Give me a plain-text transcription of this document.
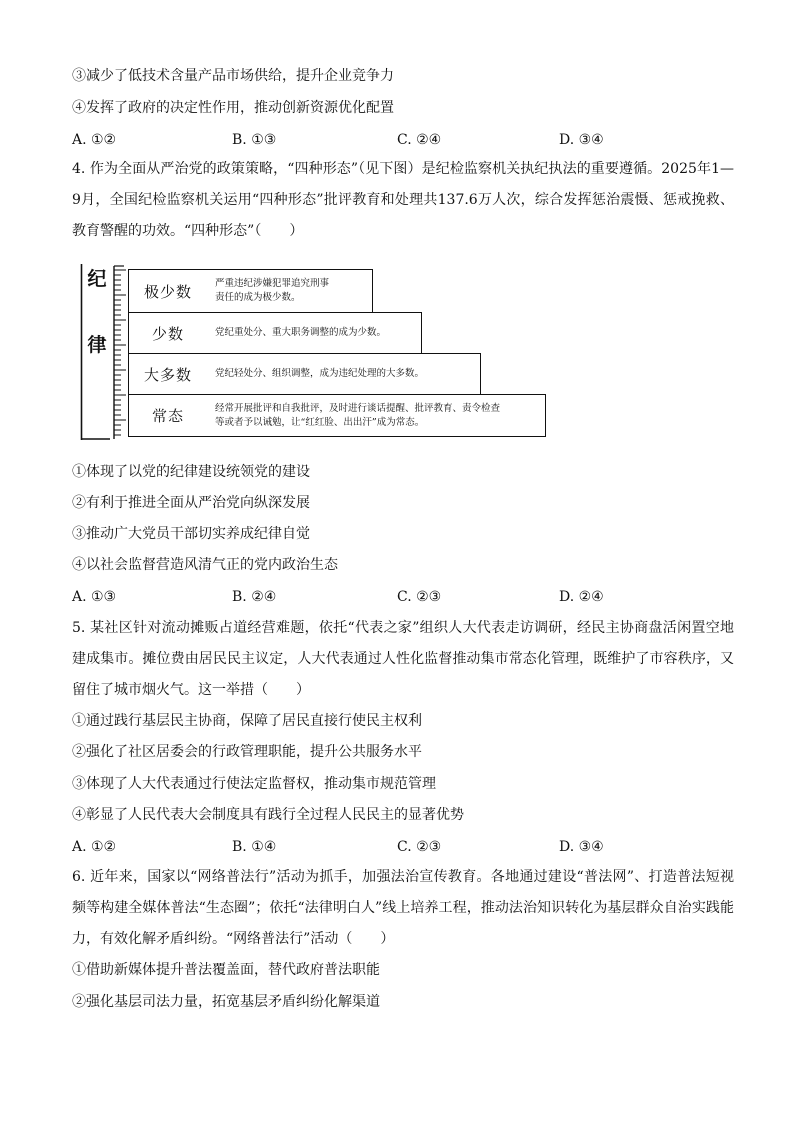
③减少了低技术含量产品市场供给，提升企业竞争力
④发挥了政府的决定性作用，推动创新资源优化配置
A. ①②	B. ①③	C. ②④	D. ③④
4. 作为全面从严治党的政策策略，“四种形态”（见下图）是纪检监察机关执纪执法的重要遵循。2025年1—9月，全国纪检监察机关运用“四种形态”批评教育和处理共137.6万人次，综合发挥惩治震慑、惩戒挽救、教育警醒的功效。“四种形态”（　　）
纪
律
极少数	严重违纪涉嫌犯罪追究刑事
责任的成为极少数。
少数	党纪重处分、重大职务调整的成为少数。
大多数	党纪轻处分、组织调整，成为违纪处理的大多数。
常态	经常开展批评和自我批评，及时进行谈话提醒、批评教育、责令检查
等或者予以诫勉，让“红红脸、出出汗”成为常态。
①体现了以党的纪律建设统领党的建设
②有利于推进全面从严治党向纵深发展
③推动广大党员干部切实养成纪律自觉
④以社会监督营造风清气正的党内政治生态
A. ①③	B. ②④	C. ②③	D. ②④
5. 某社区针对流动摊贩占道经营难题，依托“代表之家”组织人大代表走访调研，经民主协商盘活闲置空地建成集市。摊位费由居民民主议定，人大代表通过人性化监督推动集市常态化管理，既维护了市容秩序，又留住了城市烟火气。这一举措（　　）
①通过践行基层民主协商，保障了居民直接行使民主权利
②强化了社区居委会的行政管理职能，提升公共服务水平
③体现了人大代表通过行使法定监督权，推动集市规范管理
④彰显了人民代表大会制度具有践行全过程人民民主的显著优势
A. ①②	B. ①④	C. ②③	D. ③④
6. 近年来，国家以“网络普法行”活动为抓手，加强法治宣传教育。各地通过建设“普法网”、打造普法短视频等构建全媒体普法“生态圈”；依托“法律明白人”线上培养工程，推动法治知识转化为基层群众自治实践能力，有效化解矛盾纠纷。“网络普法行”活动（　　）
①借助新媒体提升普法覆盖面，替代政府普法职能
②强化基层司法力量，拓宽基层矛盾纠纷化解渠道
